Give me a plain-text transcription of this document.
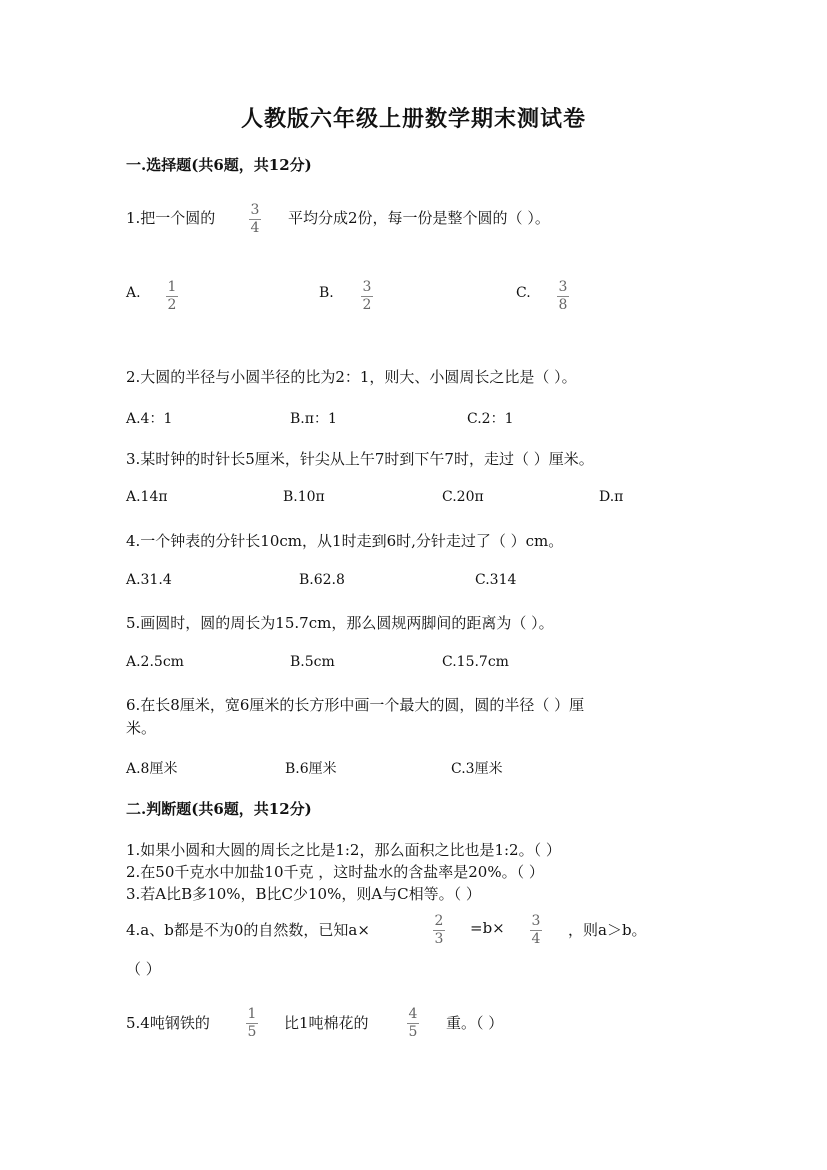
人教版六年级上册数学期末测试卷
一.选择题(共6题，共12分)
1.把一个圆的	3
4
平均分成2份，每一份是整个圆的（ ）。
A. 1
2
B. 3
2
C. 3
8
2.大圆的半径与小圆半径的比为2：1，则大、小圆周长之比是（ ）。
A.4：1	B.π：1	C.2：1
3.某时钟的时针长5厘米，针尖从上午7时到下午7时，走过（ ）厘米。
A.14π	B.10π	C.20π	D.π
4.一个钟表的分针长10cm，从1时走到6时,分针走过了（ ）cm。
A.31.4	B.62.8	C.314
5.画圆时，圆的周长为15.7cm，那么圆规两脚间的距离为（ ）。
A.2.5cm	B.5cm	C.15.7cm
6.在长8厘米，宽6厘米的长方形中画一个最大的圆，圆的半径（ ）厘
米。
A.8厘米	B.6厘米	C.3厘米
二.判断题(共6题，共12分)
1.如果小圆和大圆的周长之比是1:2，那么面积之比也是1:2。（ ）
2.在50千克水中加盐10千克 ，这时盐水的含盐率是20%。（ ）
3.若A比B多10%，B比C少10%，则A与C相等。（ ）
4.a、b都是不为0的自然数，已知a×	2
3
=b× 3
4 ，则a＞b。
（ ）
5.4吨钢铁的	1
5 比1吨棉花的	4
5 重。（ ）
